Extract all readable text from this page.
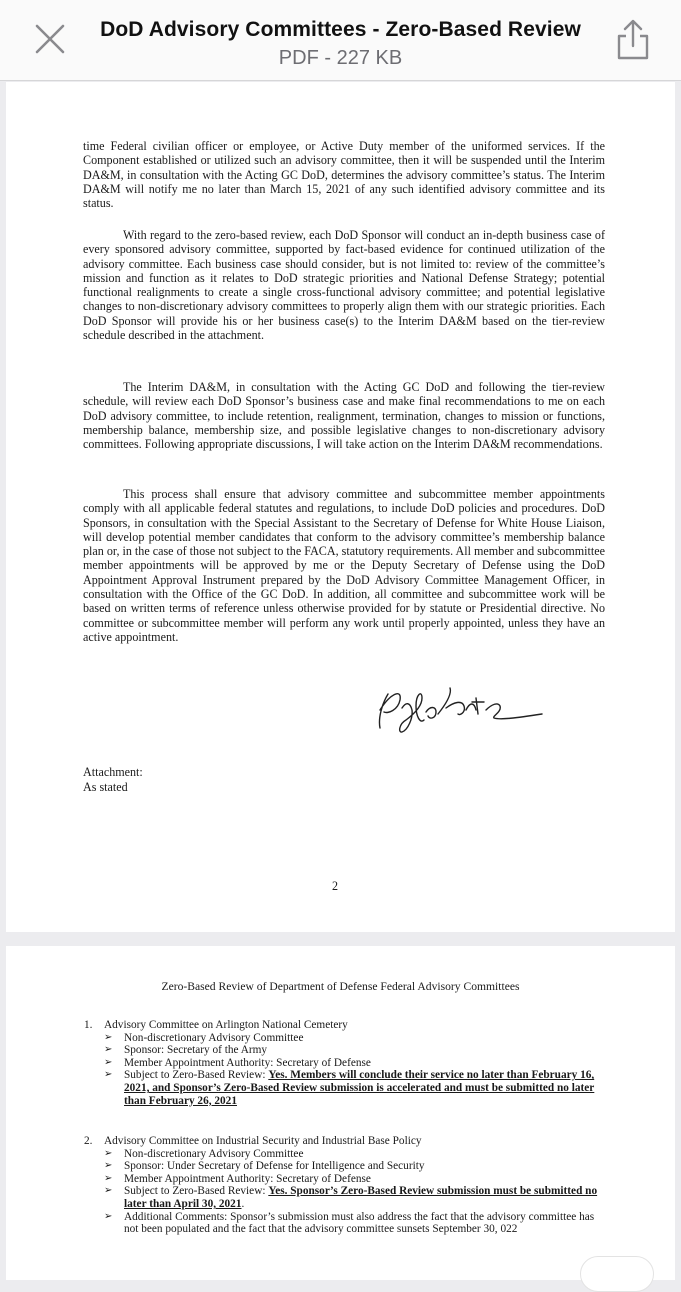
DoD Advisory Committees - Zero-Based Review
PDF - 227 KB

time Federal civilian officer or employee, or Active Duty member of the uniformed services. If the Component established or utilized such an advisory committee, then it will be suspended until the Interim DA&M, in consultation with the Acting GC DoD, determines the advisory committee’s status. The Interim DA&M will notify me no later than March 15, 2021 of any such identified advisory committee and its status.

With regard to the zero-based review, each DoD Sponsor will conduct an in-depth business case of every sponsored advisory committee, supported by fact-based evidence for continued utilization of the advisory committee. Each business case should consider, but is not limited to: review of the committee’s mission and function as it relates to DoD strategic priorities and National Defense Strategy; potential functional realignments to create a single cross-functional advisory committee; and potential legislative changes to non-discretionary advisory committees to properly align them with our strategic priorities. Each DoD Sponsor will provide his or her business case(s) to the Interim DA&M based on the tier-review schedule described in the attachment.

The Interim DA&M, in consultation with the Acting GC DoD and following the tier-review schedule, will review each DoD Sponsor’s business case and make final recommendations to me on each DoD advisory committee, to include retention, realignment, termination, changes to mission or functions, membership balance, membership size, and possible legislative changes to non-discretionary advisory committees. Following appropriate discussions, I will take action on the Interim DA&M recommendations.

This process shall ensure that advisory committee and subcommittee member appointments comply with all applicable federal statutes and regulations, to include DoD policies and procedures. DoD Sponsors, in consultation with the Special Assistant to the Secretary of Defense for White House Liaison, will develop potential member candidates that conform to the advisory committee’s membership balance plan or, in the case of those not subject to the FACA, statutory requirements. All member and subcommittee member appointments will be approved by me or the Deputy Secretary of Defense using the DoD Appointment Approval Instrument prepared by the DoD Advisory Committee Management Officer, in consultation with the Office of the GC DoD. In addition, all committee and subcommittee work will be based on written terms of reference unless otherwise provided for by statute or Presidential directive. No committee or subcommittee member will perform any work until properly appointed, unless they have an active appointment.

Attachment:
As stated
2
Zero-Based Review of Department of Defense Federal Advisory Committees
1. Advisory Committee on Arlington National Cemetery
➢ Non-discretionary Advisory Committee
➢ Sponsor: Secretary of the Army
➢ Member Appointment Authority: Secretary of Defense
➢ Subject to Zero-Based Review: Yes. Members will conclude their service no later than February 16, 2021, and Sponsor’s Zero-Based Review submission is accelerated and must be submitted no later than February 26, 2021
2. Advisory Committee on Industrial Security and Industrial Base Policy
➢ Non-discretionary Advisory Committee
➢ Sponsor: Under Secretary of Defense for Intelligence and Security
➢ Member Appointment Authority: Secretary of Defense
➢ Subject to Zero-Based Review: Yes. Sponsor’s Zero-Based Review submission must be submitted no later than April 30, 2021.
➢ Additional Comments: Sponsor’s submission must also address the fact that the advisory committee has not been populated and the fact that the advisory committee sunsets September 30, 022
